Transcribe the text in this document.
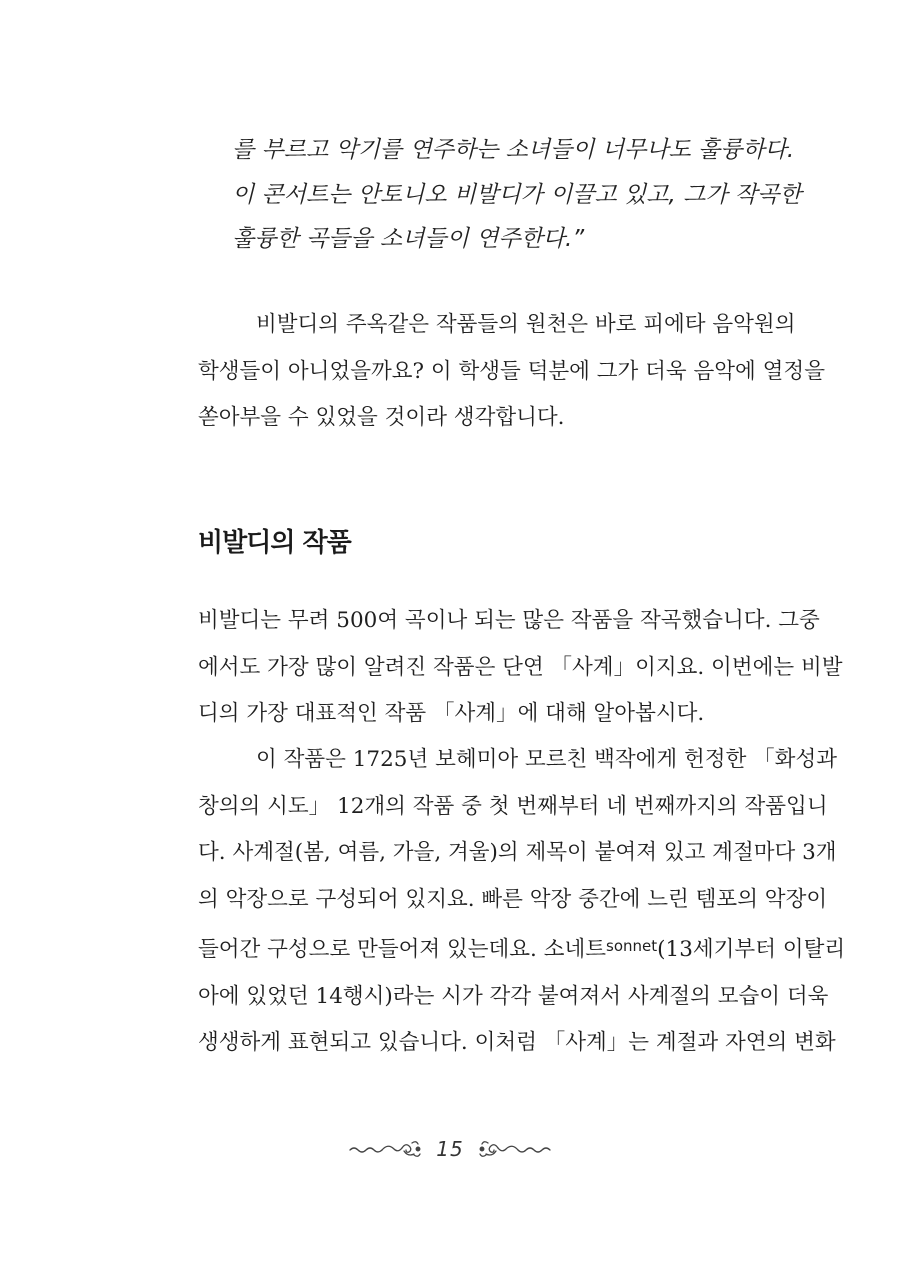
를 부르고 악기를 연주하는 소녀들이 너무나도 훌륭하다.
이 콘서트는 안토니오 비발디가 이끌고 있고, 그가 작곡한
훌륭한 곡들을 소녀들이 연주한다.”
비발디의 주옥같은 작품들의 원천은 바로 피에타 음악원의
학생들이 아니었을까요? 이 학생들 덕분에 그가 더욱 음악에 열정을
쏟아부을 수 있었을 것이라 생각합니다.
비발디의 작품
비발디는 무려 500여 곡이나 되는 많은 작품을 작곡했습니다. 그중
에서도 가장 많이 알려진 작품은 단연 「사계」이지요. 이번에는 비발
디의 가장 대표적인 작품 「사계」에 대해 알아봅시다.
이 작품은 1725년 보헤미아 모르친 백작에게 헌정한 「화성과
창의의 시도」 12개의 작품 중 첫 번째부터 네 번째까지의 작품입니
다. 사계절(봄, 여름, 가을, 겨울)의 제목이 붙여져 있고 계절마다 3개
의 악장으로 구성되어 있지요. 빠른 악장 중간에 느린 템포의 악장이
들어간 구성으로 만들어져 있는데요. 소네트$^{sonnet}$(13세기부터 이탈리
아에 있었던 14행시)라는 시가 각각 붙여져서 사계절의 모습이 더욱
생생하게 표현되고 있습니다. 이처럼 「사계」는 계절과 자연의 변화
15
